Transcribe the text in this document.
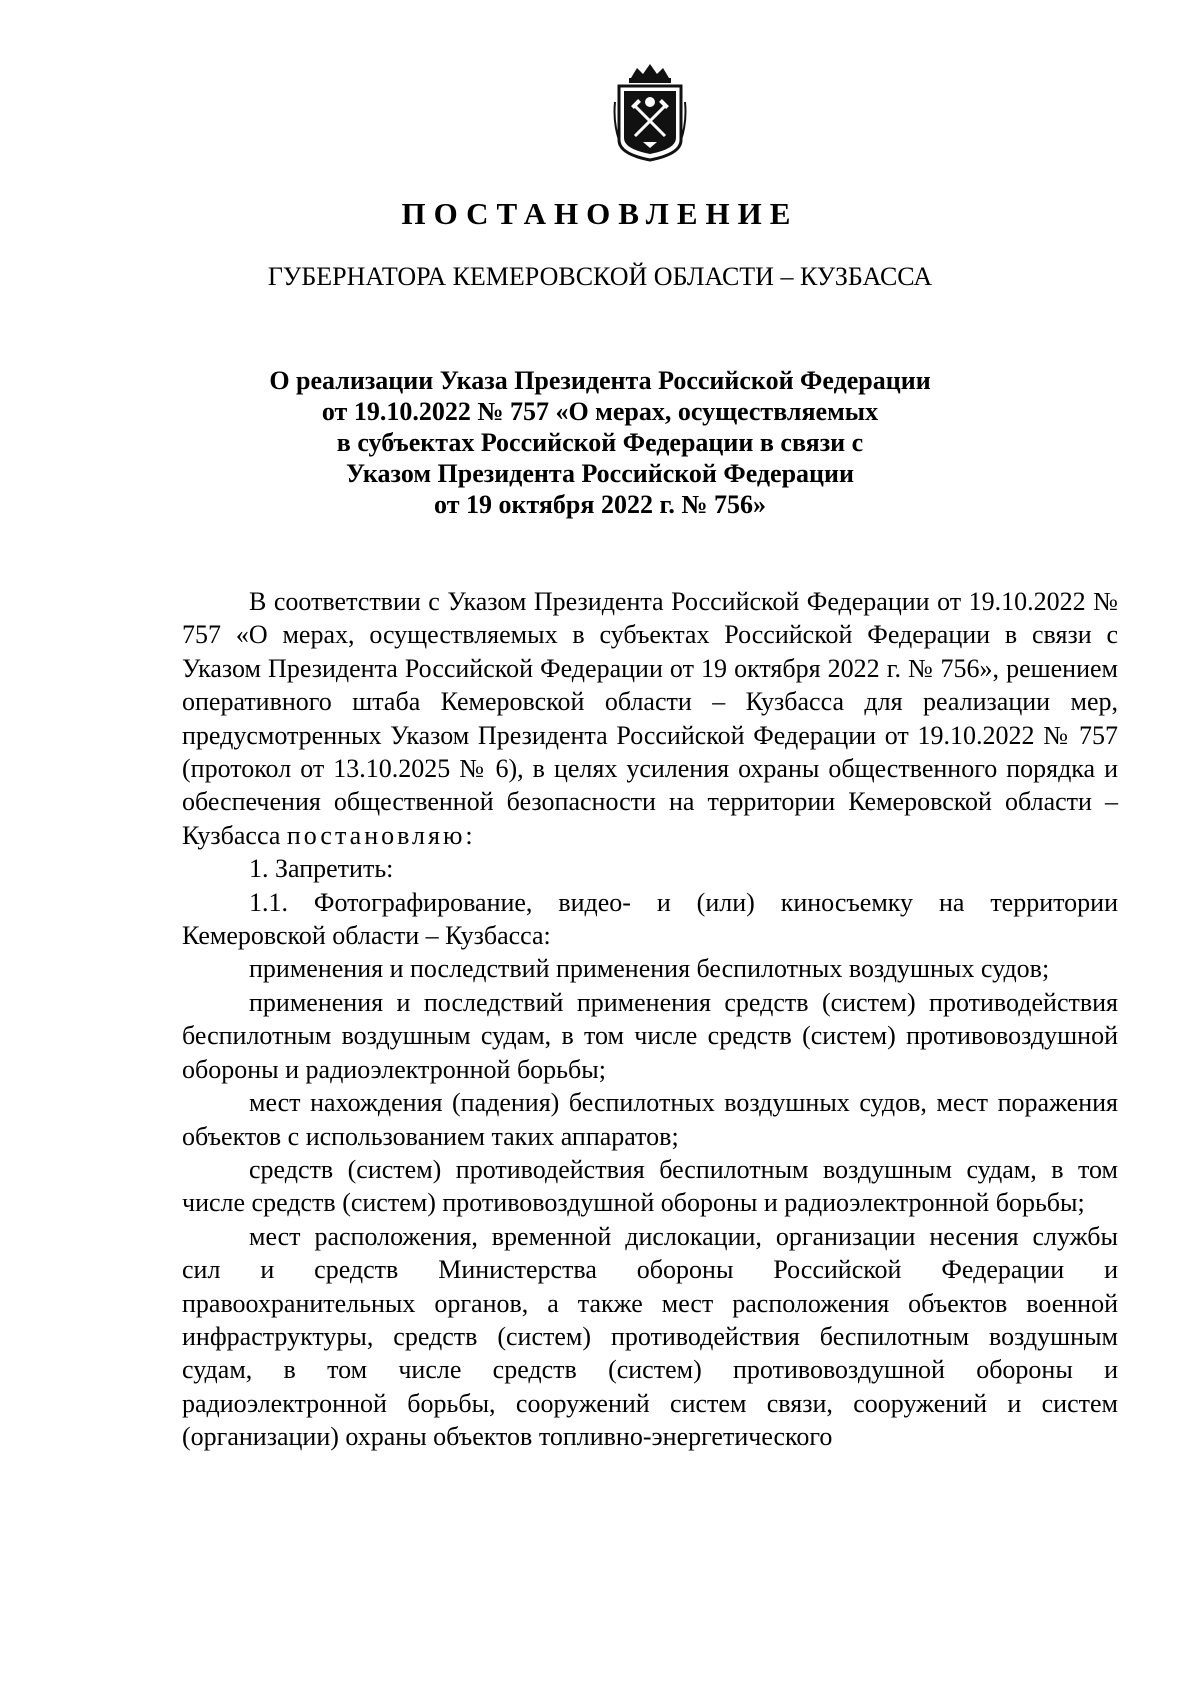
ПОСТАНОВЛЕНИЕ
ГУБЕРНАТОРА КЕМЕРОВСКОЙ ОБЛАСТИ – КУЗБАССА
О реализации Указа Президента Российской Федерации
от 19.10.2022 № 757 «О мерах, осуществляемых
в субъектах Российской Федерации в связи с
Указом Президента Российской Федерации
от 19 октября 2022 г. № 756»

В соответствии с Указом Президента Российской Федерации от 19.10.2022 № 757 «О мерах, осуществляемых в субъектах Российской Федерации в связи с Указом Президента Российской Федерации от 19 октября 2022 г. № 756», решением оперативного штаба Кемеровской области – Кузбасса для реализации мер, предусмотренных Указом Президента Российской Федерации от 19.10.2022 № 757 (протокол от 13.10.2025 № 6), в целях усиления охраны общественного порядка и обеспечения общественной безопасности на территории Кемеровской области – Кузбасса постановляю:

1. Запретить:

1.1. Фотографирование, видео- и (или) киносъемку на территории Кемеровской области – Кузбасса:

применения и последствий применения беспилотных воздушных судов;

применения и последствий применения средств (систем) противодействия беспилотным воздушным судам, в том числе средств (систем) противовоздушной обороны и радиоэлектронной борьбы;

мест нахождения (падения) беспилотных воздушных судов, мест поражения объектов с использованием таких аппаратов;

средств (систем) противодействия беспилотным воздушным судам, в том числе средств (систем) противовоздушной обороны и радиоэлектронной борьбы;

мест расположения, временной дислокации, организации несения службы сил и средств Министерства обороны Российской Федерации и правоохранительных органов, а также мест расположения объектов военной инфраструктуры, средств (систем) противодействия беспилотным воздушным судам, в том числе средств (систем) противовоздушной обороны и радиоэлектронной борьбы, сооружений систем связи, сооружений и систем (организации) охраны объектов топливно-энергетического
